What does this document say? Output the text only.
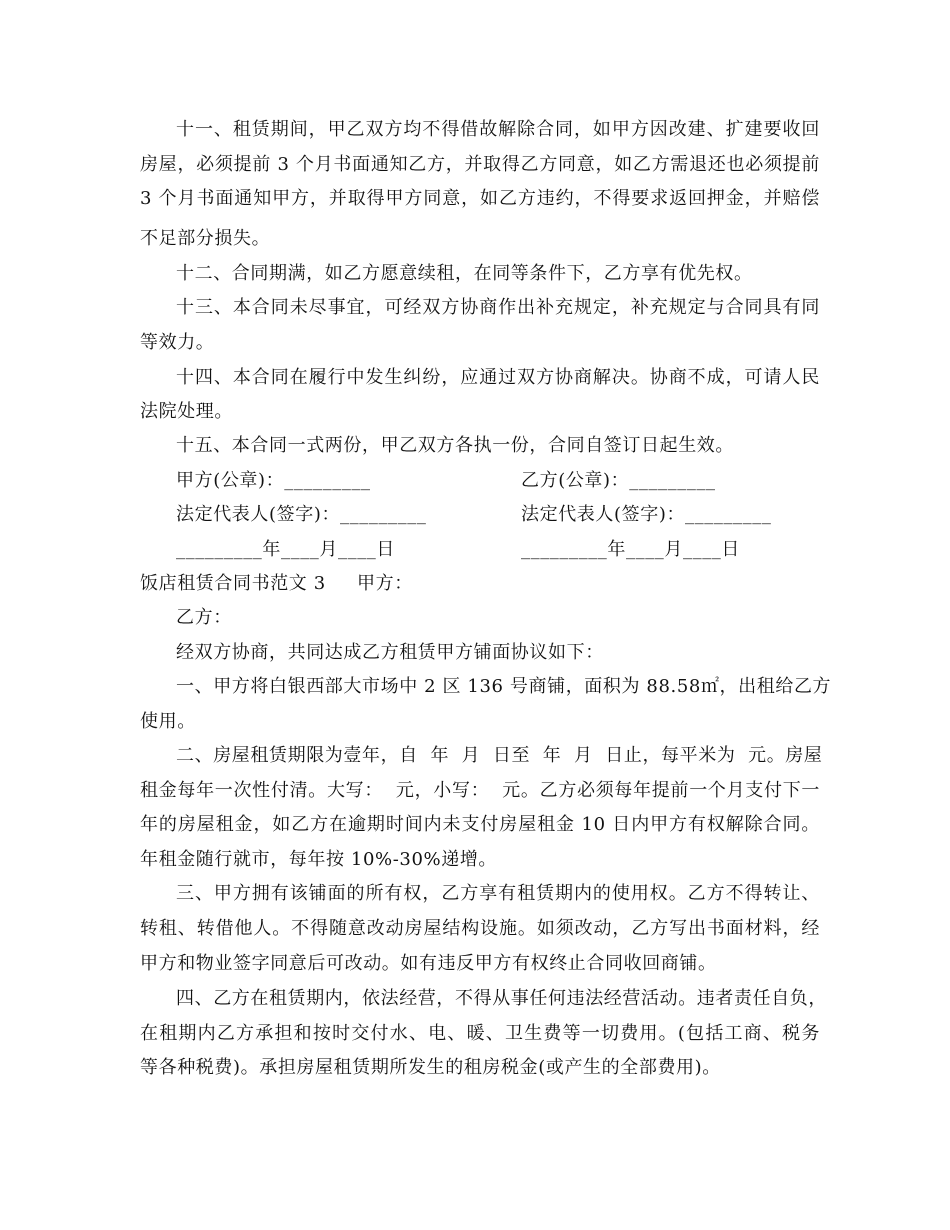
十一、租赁期间，甲乙双方均不得借故解除合同，如甲方因改建、扩建要收回
房屋，必须提前 3 个月书面通知乙方，并取得乙方同意，如乙方需退还也必须提前
3 个月书面通知甲方，并取得甲方同意，如乙方违约，不得要求返回押金，并赔偿
不足部分损失。
十二、合同期满，如乙方愿意续租，在同等条件下，乙方享有优先权。
十三、本合同未尽事宜，可经双方协商作出补充规定，补充规定与合同具有同
等效力。
十四、本合同在履行中发生纠纷，应通过双方协商解决。协商不成，可请人民
法院处理。
十五、本合同一式两份，甲乙双方各执一份，合同自签订日起生效。
甲方(公章)：_________	乙方(公章)：_________
法定代表人(签字)：_________	法定代表人(签字)：_________
_________年____月____日	_________年____月____日
饭店租赁合同书范文 3	甲方：
乙方：
经双方协商，共同达成乙方租赁甲方铺面协议如下：
一、甲方将白银西部大市场中 2 区 136 号商铺，面积为 88.58㎡，出租给乙方
使用。
二、房屋租赁期限为壹年，自  年  月  日至  年  月  日止，每平米为  元。房屋
租金每年一次性付清。大写：  元，小写：  元。乙方必须每年提前一个月支付下一
年的房屋租金，如乙方在逾期时间内未支付房屋租金 10 日内甲方有权解除合同。
年租金随行就市，每年按 10%-30%递增。
三、甲方拥有该铺面的所有权，乙方享有租赁期内的使用权。乙方不得转让、
转租、转借他人。不得随意改动房屋结构设施。如须改动，乙方写出书面材料，经
甲方和物业签字同意后可改动。如有违反甲方有权终止合同收回商铺。
四、乙方在租赁期内，依法经营，不得从事任何违法经营活动。违者责任自负，
在租期内乙方承担和按时交付水、电、暖、卫生费等一切费用。(包括工商、税务
等各种税费)。承担房屋租赁期所发生的租房税金(或产生的全部费用)。
